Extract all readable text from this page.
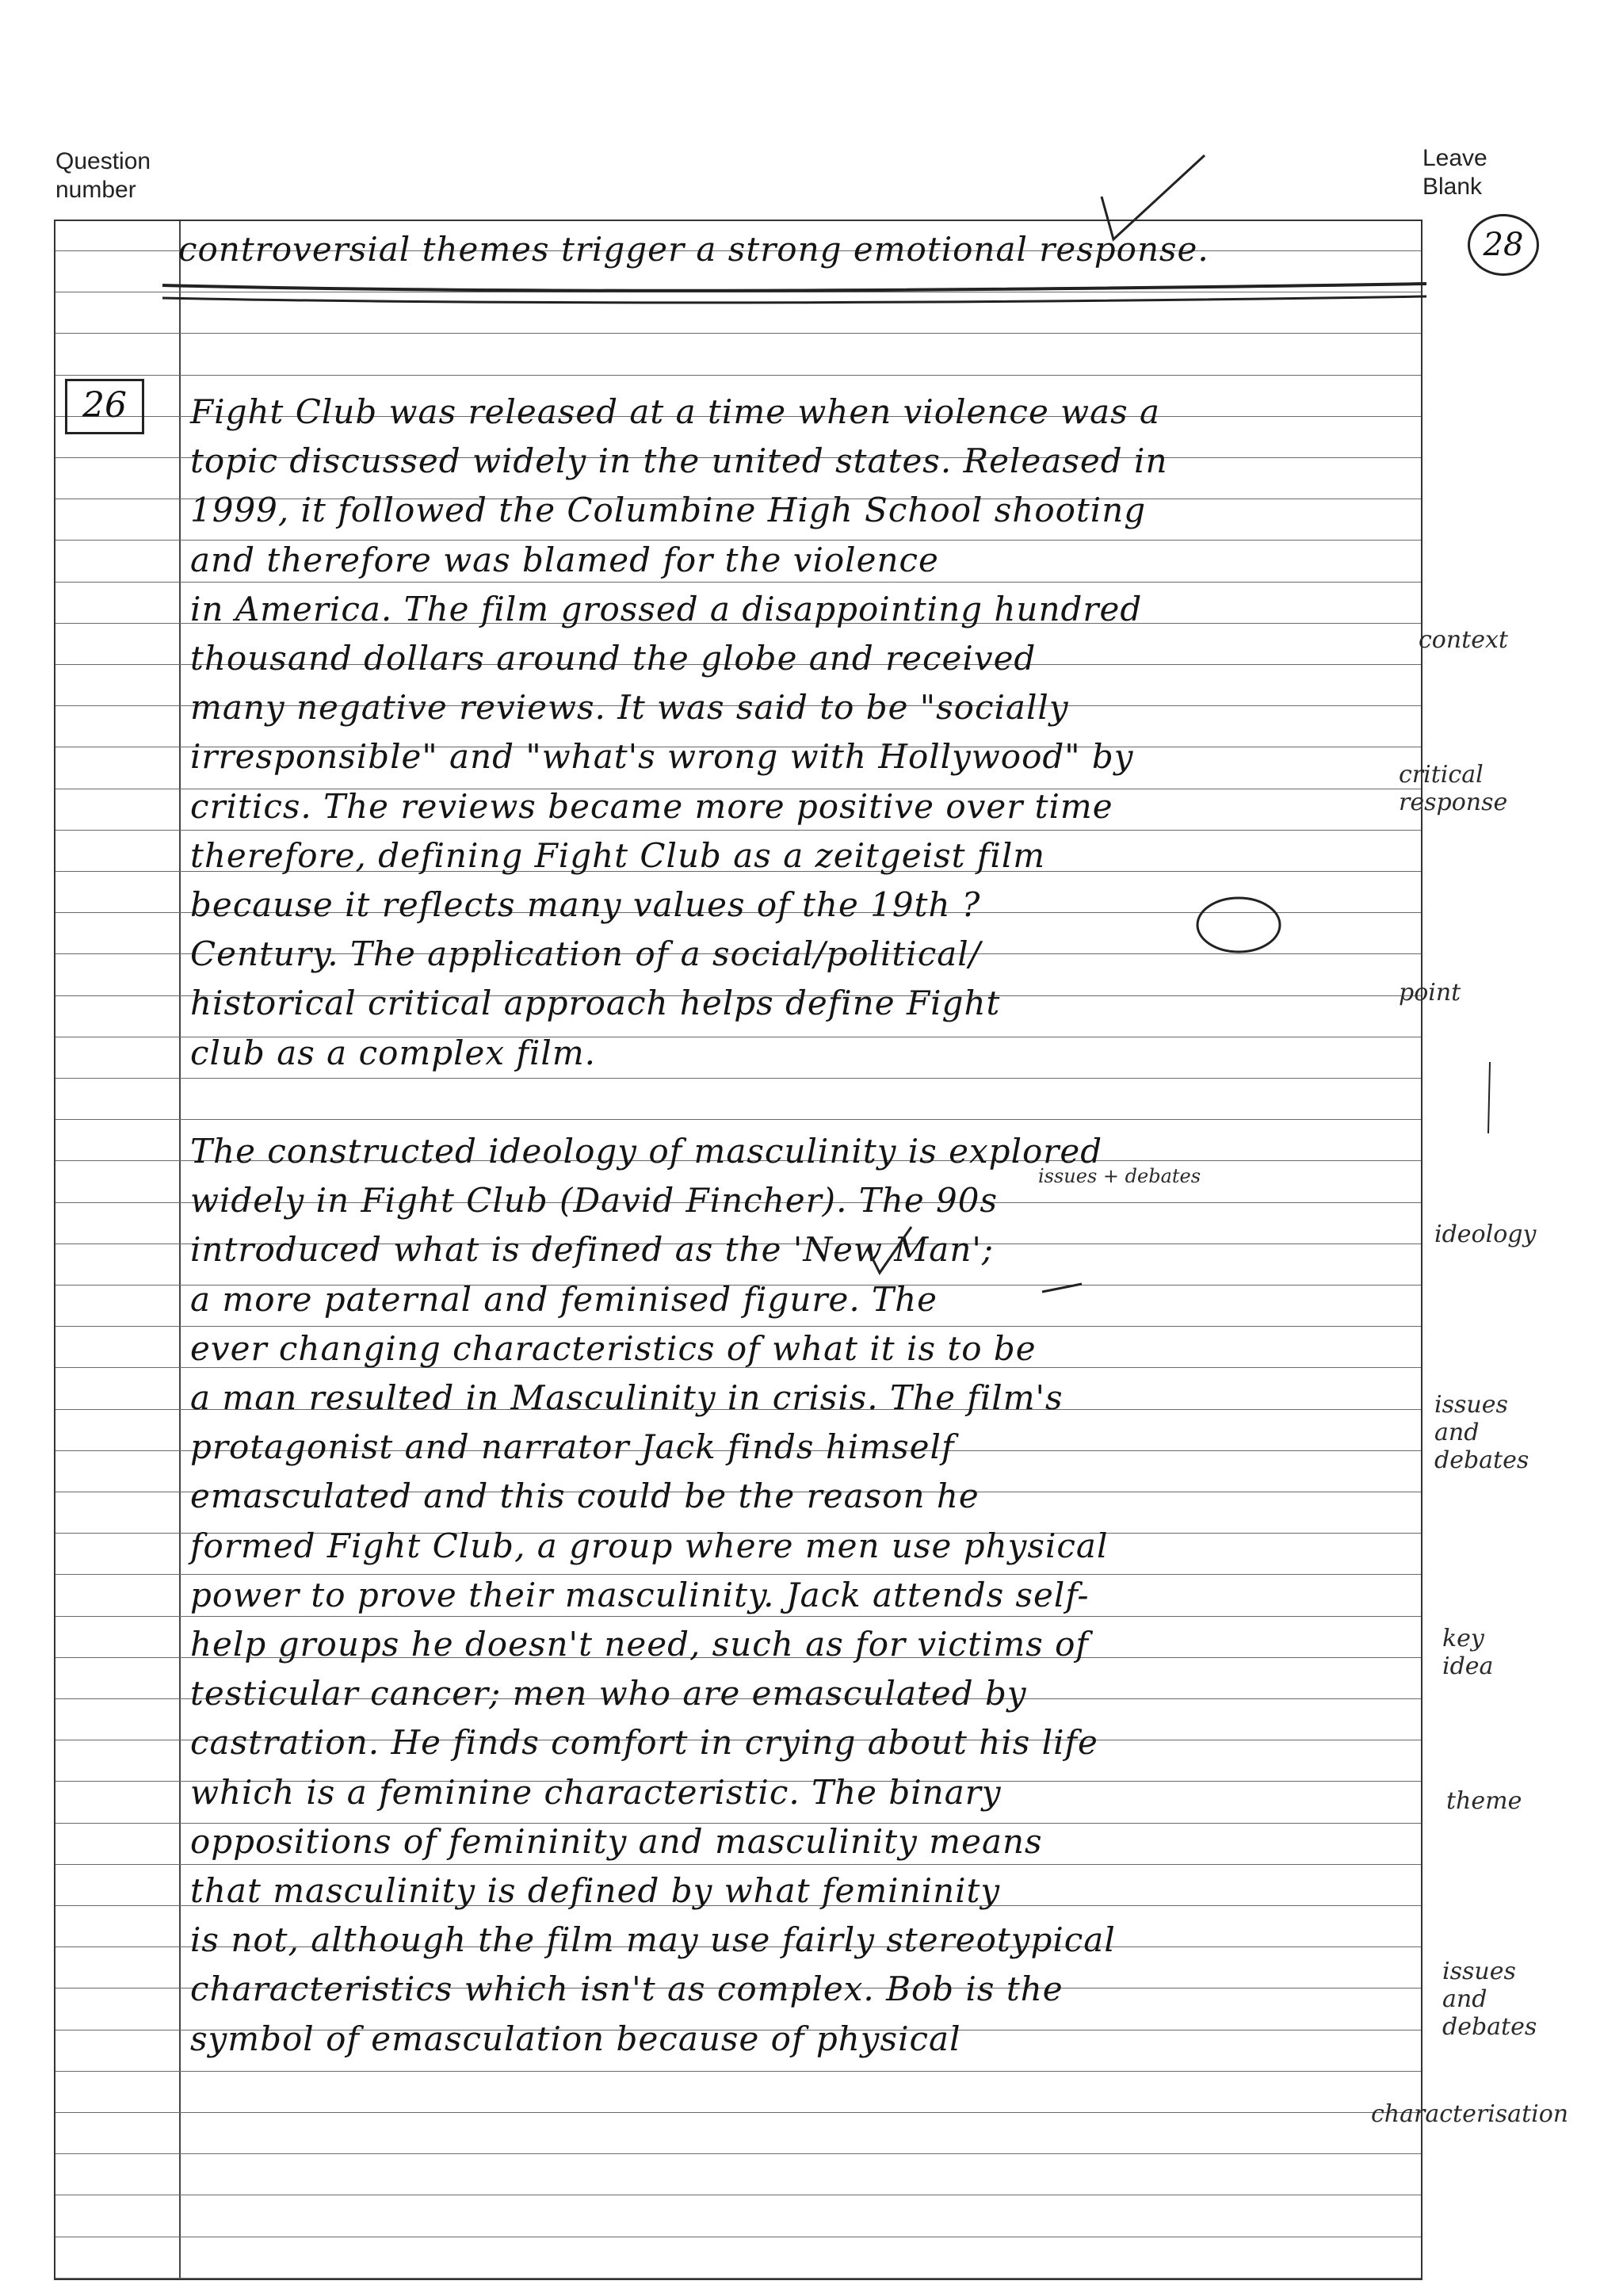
Question
number
Leave
Blank
28
26
controversial themes trigger a strong emotional response.
Fight Club was released at a time when violence was a
topic discussed widely in the united states. Released in
1999, it followed the Columbine High School shooting
and therefore was blamed for the violence
in America. The film grossed a disappointing hundred
thousand dollars around the globe and received
many negative reviews. It was said to be "socially
irresponsible" and "what's wrong with Hollywood" by
critics. The reviews became more positive over time
therefore, defining Fight Club as a zeitgeist film
because it reflects many values of the 19th ?
Century. The application of a social/political/
historical critical approach helps define Fight
club as a complex film.
The constructed ideology of masculinity is explored
widely in Fight Club (David Fincher). The 90s
introduced what is defined as the 'New Man';
a more paternal and feminised figure. The
ever changing characteristics of what it is to be
a man resulted in Masculinity in crisis. The film's
protagonist and narrator Jack finds himself
emasculated and this could be the reason he
formed Fight Club, a group where men use physical
power to prove their masculinity. Jack attends self-
help groups he doesn't need, such as for victims of
testicular cancer; men who are emasculated by
castration. He finds comfort in crying about his life
which is a feminine characteristic. The binary
oppositions of femininity and masculinity means
that masculinity is defined by what femininity
is not, although the film may use fairly stereotypical
characteristics which isn't as complex. Bob is the
symbol of emasculation because of physical
context
critical
response
point
issues + debates
ideology
issues
and
debates
key
idea
theme
issues
and
debates
characterisation
